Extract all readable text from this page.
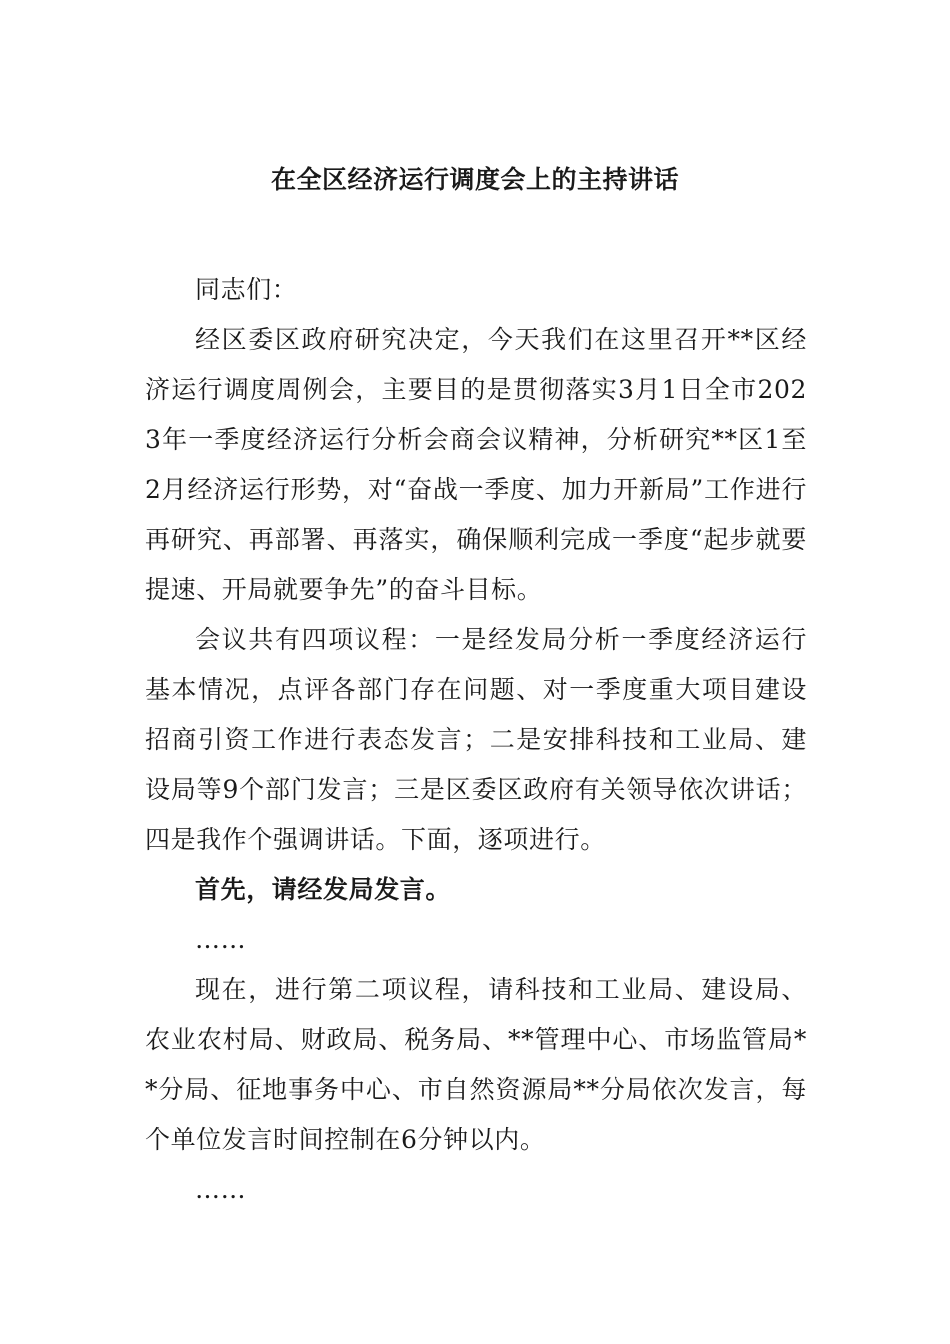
在全区经济运行调度会上的主持讲话

同志们：

经区委区政府研究决定，今天我们在这里召开**区经济运行调度周例会，主要目的是贯彻落实3月1日全市2023年一季度经济运行分析会商会议精神，分析研究**区1至2月经济运行形势，对“奋战一季度、加力开新局”工作进行再研究、再部署、再落实，确保顺利完成一季度“起步就要提速、开局就要争先”的奋斗目标。

会议共有四项议程：一是经发局分析一季度经济运行基本情况，点评各部门存在问题、对一季度重大项目建设招商引资工作进行表态发言；二是安排科技和工业局、建设局等9个部门发言；三是区委区政府有关领导依次讲话；四是我作个强调讲话。下面，逐项进行。

首先，请经发局发言。

……

现在，进行第二项议程，请科技和工业局、建设局、农业农村局、财政局、税务局、**管理中心、市场监管局**分局、征地事务中心、市自然资源局**分局依次发言，每个单位发言时间控制在6分钟以内。

……
